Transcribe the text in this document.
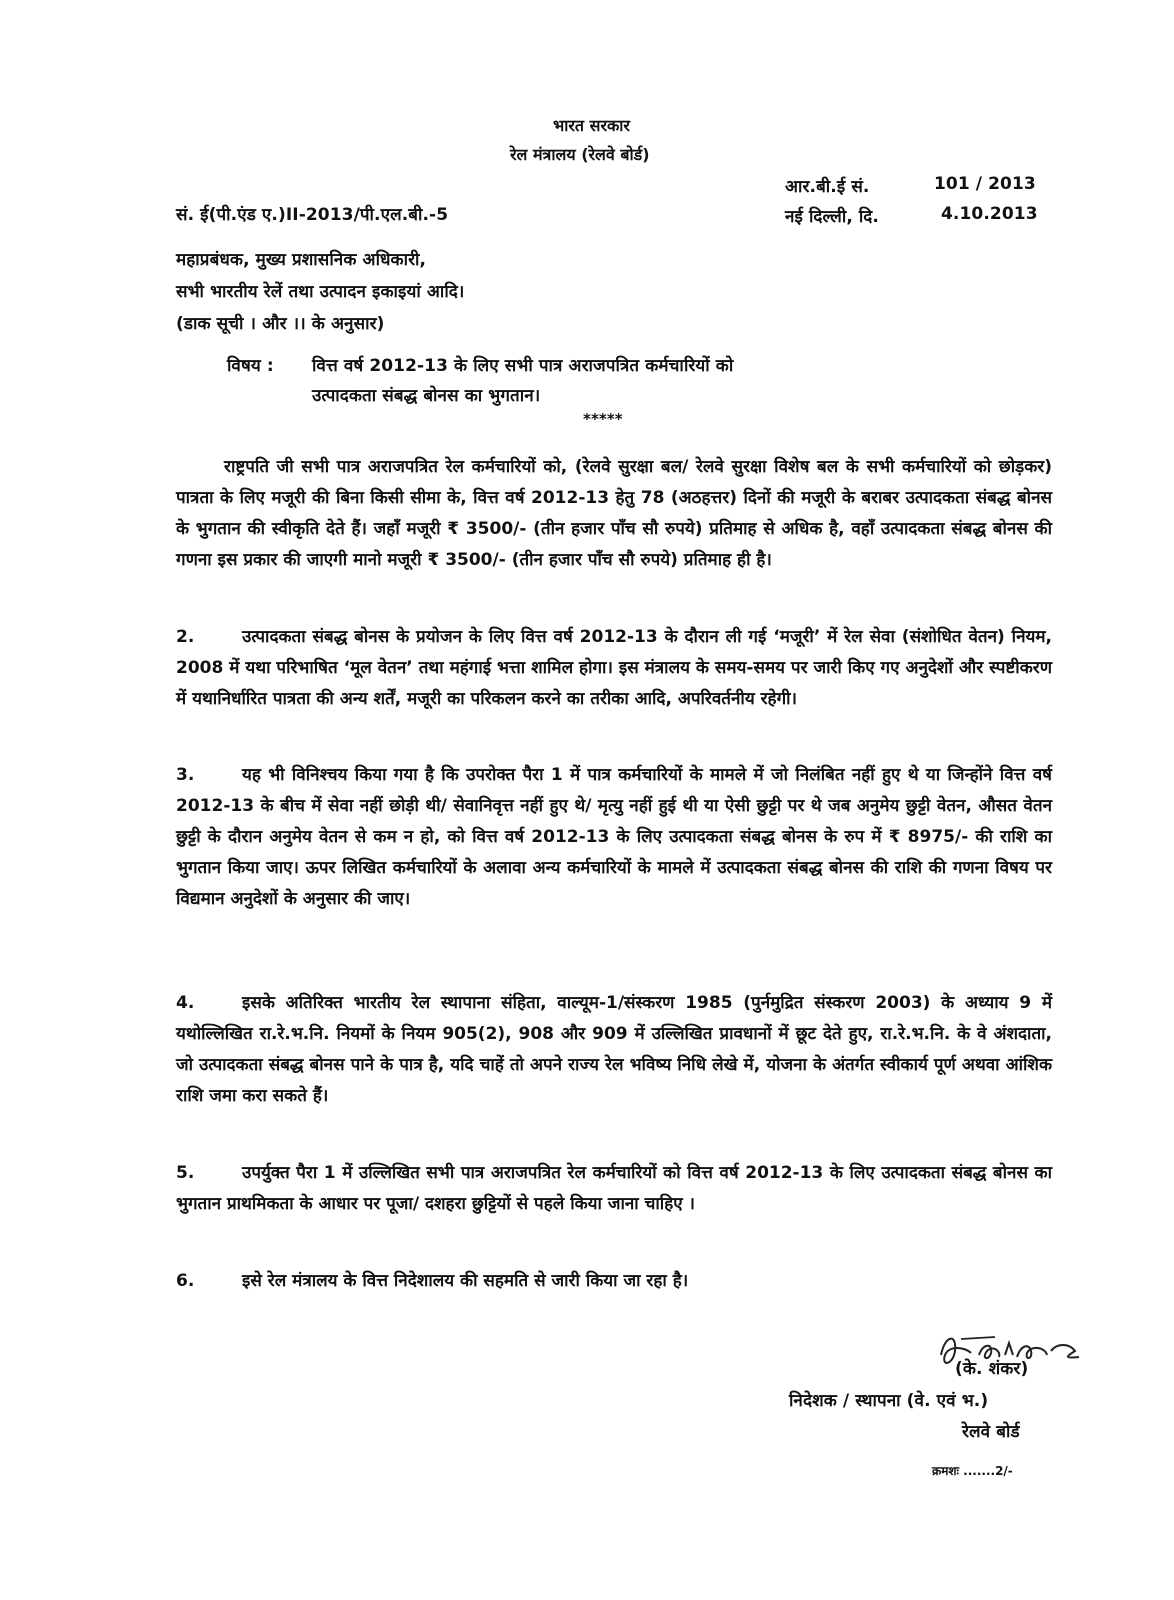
भारत सरकार
रेल मंत्रालय (रेलवे बोर्ड)
आर.बी.ई सं.	101 / 2013
सं. ई(पी.एंड ए.)II-2013/पी.एल.बी.-5	नई दिल्ली, दि.	4.10.2013
महाप्रबंधक, मुख्य प्रशासनिक अधिकारी,
सभी भारतीय रेलें तथा उत्पादन इकाइयां आदि।
(डाक सूची । और ।। के अनुसार)
विषय : वित्त वर्ष 2012-13 के लिए सभी पात्र अराजपत्रित कर्मचारियों को
उत्पादकता संबद्ध बोनस का भुगतान।
*****
राष्ट्रपति जी सभी पात्र अराजपत्रित रेल कर्मचारियों को, (रेलवे सुरक्षा बल/ रेलवे सुरक्षा विशेष बल के सभी कर्मचारियों को छोड़कर) पात्रता के लिए मजूरी की बिना किसी सीमा के, वित्त वर्ष 2012-13 हेतु 78 (अठहत्तर) दिनों की मजूरी के बराबर उत्पादकता संबद्ध बोनस के भुगतान की स्वीकृति देते हैं। जहाँ मजूरी ₹ 3500/- (तीन हजार पाँच सौ रुपये) प्रतिमाह से अधिक है, वहाँ उत्पादकता संबद्ध बोनस की गणना इस प्रकार की जाएगी मानो मजूरी ₹ 3500/- (तीन हजार पाँच सौ रुपये) प्रतिमाह ही है।
2.	उत्पादकता संबद्ध बोनस के प्रयोजन के लिए वित्त वर्ष 2012-13 के दौरान ली गई ‘मजूरी’ में रेल सेवा (संशोधित वेतन) नियम, 2008 में यथा परिभाषित ‘मूल वेतन’ तथा महंगाई भत्ता शामिल होगा। इस मंत्रालय के समय-समय पर जारी किए गए अनुदेशों और स्पष्टीकरण में यथानिर्धारित पात्रता की अन्य शर्तें, मजूरी का परिकलन करने का तरीका आदि, अपरिवर्तनीय रहेगी।
3.	यह भी विनिश्चय किया गया है कि उपरोक्त पैरा 1 में पात्र कर्मचारियों के मामले में जो निलंबित नहीं हुए थे या जिन्होंने वित्त वर्ष 2012-13 के बीच में सेवा नहीं छोड़ी थी/ सेवानिवृत्त नहीं हुए थे/ मृत्यु नहीं हुई थी या ऐसी छुट्टी पर थे जब अनुमेय छुट्टी वेतन, औसत वेतन छुट्टी के दौरान अनुमेय वेतन से कम न हो, को वित्त वर्ष 2012-13 के लिए उत्पादकता संबद्ध बोनस के रुप में ₹ 8975/- की राशि का भुगतान किया जाए। ऊपर लिखित कर्मचारियों के अलावा अन्य कर्मचारियों के मामले में उत्पादकता संबद्ध बोनस की राशि की गणना विषय पर विद्यमान अनुदेशों के अनुसार की जाए।
4.	इसके अतिरिक्त भारतीय रेल स्थापाना संहिता, वाल्यूम-1/संस्करण 1985 (पुर्नमुद्रित संस्करण 2003) के अध्याय 9 में यथोल्लिखित रा.रे.भ.नि. नियमों के नियम 905(2), 908 और 909 में उल्लिखित प्रावधानों में छूट देते हुए, रा.रे.भ.नि. के वे अंशदाता, जो उत्पादकता संबद्ध बोनस पाने के पात्र है, यदि चाहें तो अपने राज्य रेल भविष्य निधि लेखे में, योजना के अंतर्गत स्वीकार्य पूर्ण अथवा आंशिक राशि जमा करा सकते हैं।
5.	उपर्युक्त पैरा 1 में उल्लिखित सभी पात्र अराजपत्रित रेल कर्मचारियों को वित्त वर्ष 2012-13 के लिए उत्पादकता संबद्ध बोनस का भुगतान प्राथमिकता के आधार पर पूजा/ दशहरा छुट्टियों से पहले किया जाना चाहिए ।
6.	इसे रेल मंत्रालय के वित्त निदेशालय की सहमति से जारी किया जा रहा है।
(के. शंकर)
निदेशक / स्थापना (वे. एवं भ.)
रेलवे बोर्ड
क्रमशः .......2/-
